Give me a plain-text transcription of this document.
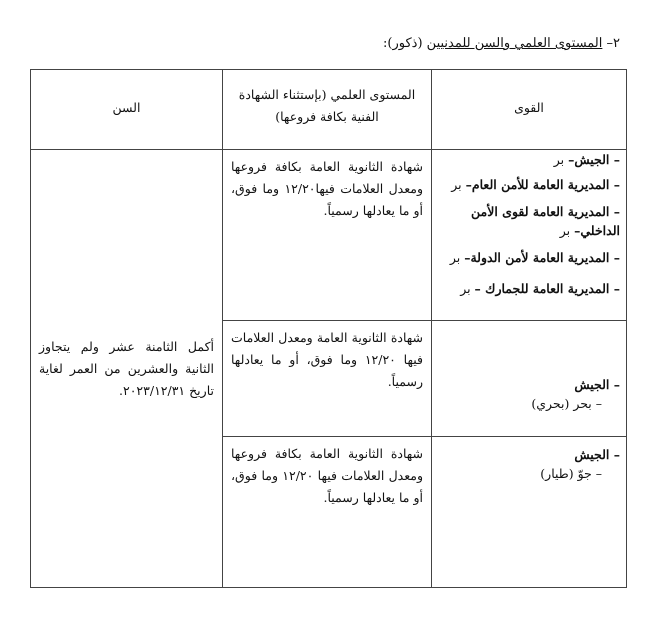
٢– المستوى العلمي والسن للمدنيين (ذكور):
القوى	المستوى العلمي (بإستثناء الشهادة الفنية بكافة فروعها)	السن

– الجيش– بر
– المديرية العامة للأمن العام– بر
– المديرية العامة لقوى الأمن الداخلي– بر
– المديرية العامة لأمن الدولة– بر
– المديرية العامة للجمارك – بر	شهادة الثانوية العامة بكافة فروعها ومعدل العلامات فيها١٢/٢٠ وما فوق، أو ما يعادلها رسمياً.	أكمل الثامنة عشر ولم يتجاوز الثانية والعشرين من العمر لغاية تاريخ ٢٠٢٣/١٢/٣١.

– الجيش
– بحر (بحري)	شهادة الثانوية العامة ومعدل العلامات فيها ١٢/٢٠ وما فوق، أو ما يعادلها رسمياً.	

– الجيش
– جوّ (طيار)	شهادة الثانوية العامة بكافة فروعها ومعدل العلامات فيها ١٢/٢٠ وما فوق، أو ما يعادلها رسمياً.	
